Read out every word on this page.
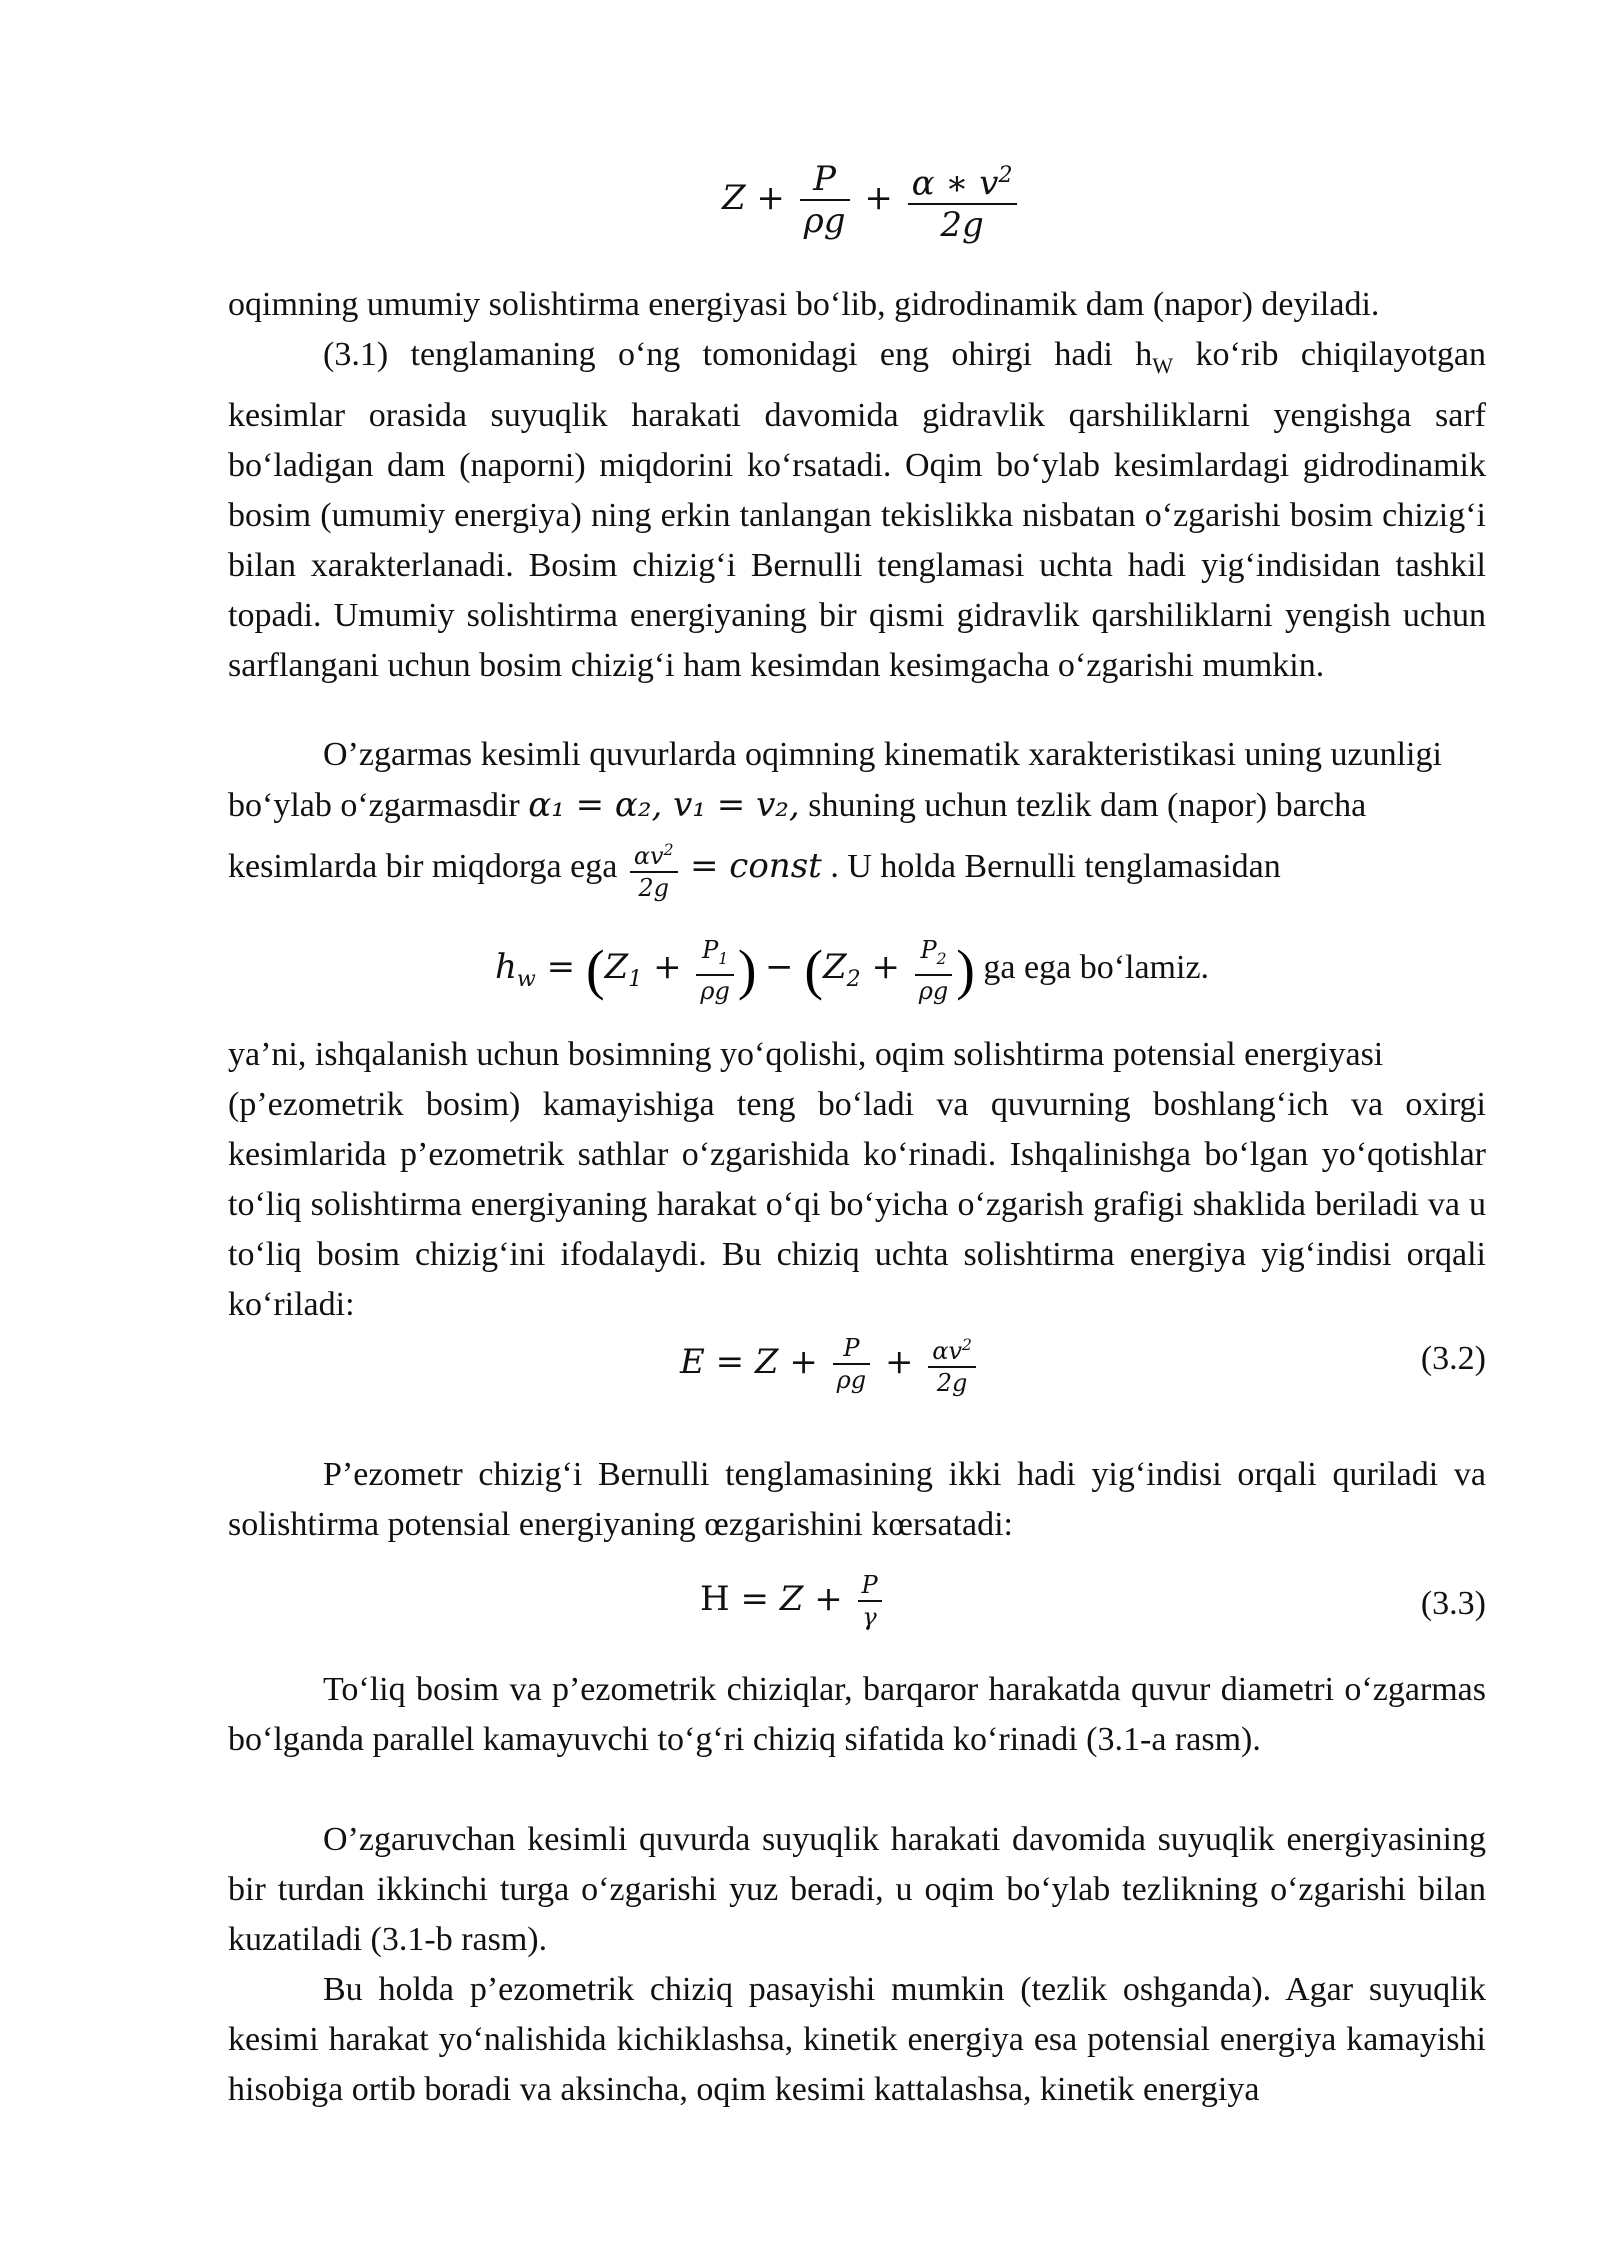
$Z + \frac{P}{\rho g} + \frac{\alpha ∗ v^2}{2g}$
oqimning umumiy solishtirma energiyasi bo‘lib, gidrodinamik dam (napor) deyiladi.

(3.1) tenglamaning o‘ng tomonidagi eng ohirgi hadi $h_W$ ko‘rib chiqilayotgan kesimlar orasida suyuqlik harakati davomida gidravlik qarshiliklarni yengishga sarf bo‘ladigan dam (naporni) miqdorini ko‘rsatadi. Oqim bo‘ylab kesimlardagi gidrodinamik bosim (umumiy energiya) ning erkin tanlangan tekislikka nisbatan o‘zgarishi bosim chizig‘i bilan xarakterlanadi. Bosim chizig‘i Bernulli tenglamasi uchta hadi yig‘indisidan tashkil topadi. Umumiy solishtirma energiyaning bir qismi gidravlik qarshiliklarni yengish uchun sarflangani uchun bosim chizig‘i ham kesimdan kesimgacha o‘zgarishi mumkin.

O’zgarmas kesimli quvurlarda oqimning kinematik xarakteristikasi uning uzunligi
bo‘ylab o‘zgarmasdir α₁ = α₂, v₁ = v₂, shuning uchun tezlik dam (napor) barcha
kesimlarda bir miqdorga ega $\frac{\alpha v^2}{2g}$ = const . U holda Bernulli tenglamasidan
$h_w = (Z_1 + \frac{P_1}{\rho g}$ ) − ($Z_2 + \frac{P_2}{\rho g}$ ) ga ega bo‘lamiz.
ya’ni, ishqalanish uchun bosimning yo‘qolishi, oqim solishtirma potensial energiyasi

(p’ezometrik bosim) kamayishiga teng bo‘ladi va quvurning boshlang‘ich va oxirgi kesimlarida p’ezometrik sathlar o‘zgarishida ko‘rinadi. Ishqalinishga bo‘lgan yo‘qotishlar to‘liq solishtirma energiyaning harakat o‘qi bo‘yicha o‘zgarish grafigi shaklida beriladi va u to‘liq bosim chizig‘ini ifodalaydi. Bu chiziq uchta solishtirma energiya yig‘indisi orqali ko‘riladi:

$E = Z + \frac{P}{\rho g} + \frac{\alpha v^2}{2g}$	(3.2)

P’ezometr chizig‘i Bernulli tenglamasining ikki hadi yig‘indisi orqali quriladi va solishtirma potensial energiyaning œzgarishini kœrsatadi:

$H = Z + \frac{P}{\gamma}$	(3.3)

To‘liq bosim va p’ezometrik chiziqlar, barqaror harakatda quvur diametri o‘zgarmas bo‘lganda parallel kamayuvchi to‘g‘ri chiziq sifatida ko‘rinadi (3.1-a rasm).

O’zgaruvchan kesimli quvurda suyuqlik harakati davomida suyuqlik energiyasining bir turdan ikkinchi turga o‘zgarishi yuz beradi, u oqim bo‘ylab tezlikning o‘zgarishi bilan kuzatiladi (3.1-b rasm).

Bu holda p’ezometrik chiziq pasayishi mumkin (tezlik oshganda). Agar suyuqlik kesimi harakat yo‘nalishida kichiklashsa, kinetik energiya esa potensial energiya kamayishi hisobiga ortib boradi va aksincha, oqim kesimi kattalashsa, kinetik energiya
